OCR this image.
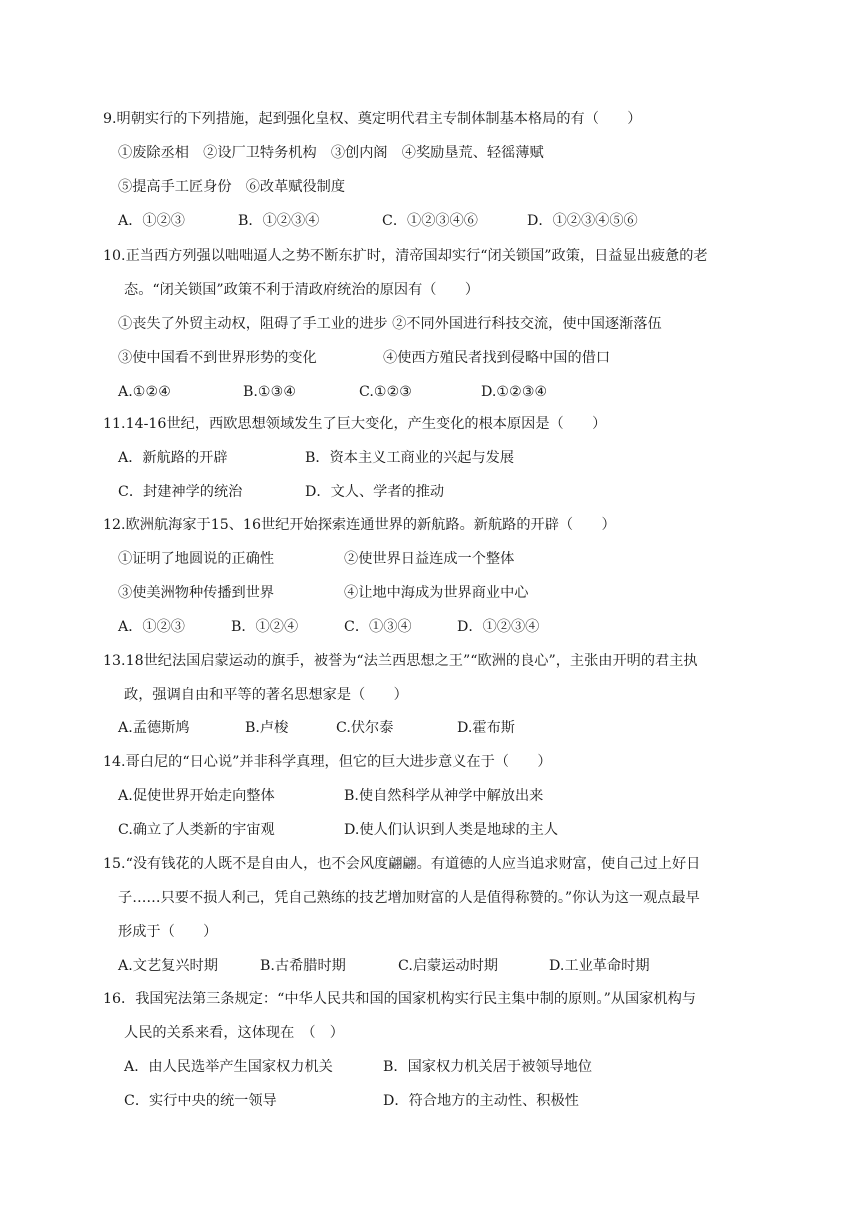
9.明朝实行的下列措施，起到强化皇权、奠定明代君主专制体制基本格局的有（　　）
①废除丞相　②设厂卫特务机构　③创内阁　④奖励垦荒、轻徭薄赋
⑤提高手工匠身份　⑥改革赋役制度
A．①②③	B．①②③④	C．①②③④⑥	D．①②③④⑤⑥
10.正当西方列强以咄咄逼人之势不断东扩时，清帝国却实行“闭关锁国”政策，日益显出疲惫的老
态。“闭关锁国”政策不利于清政府统治的原因有（　　）
①丧失了外贸主动权，阻碍了手工业的进步 ②不同外国进行科技交流，使中国逐渐落伍
③使中国看不到世界形势的变化	④使西方殖民者找到侵略中国的借口
A.①②④	B.①③④	C.①②③	D.①②③④
11.14-16世纪，西欧思想领域发生了巨大变化，产生变化的根本原因是（　　）
A．新航路的开辟	B．资本主义工商业的兴起与发展
C．封建神学的统治	D．文人、学者的推动
12.欧洲航海家于15、16世纪开始探索连通世界的新航路。新航路的开辟（　　）
①证明了地圆说的正确性	②使世界日益连成一个整体
③使美洲物种传播到世界	④让地中海成为世界商业中心
A．①②③	B．①②④	C．①③④	D．①②③④
13.18世纪法国启蒙运动的旗手，被誉为“法兰西思想之王”“欧洲的良心”，主张由开明的君主执
政，强调自由和平等的著名思想家是（　　）
A.孟德斯鸠	B.卢梭	C.伏尔泰	D.霍布斯
14.哥白尼的“日心说”并非科学真理，但它的巨大进步意义在于（　　）
A.促使世界开始走向整体	B.使自然科学从神学中解放出来
C.确立了人类新的宇宙观	D.使人们认识到人类是地球的主人
15.“没有钱花的人既不是自由人，也不会风度翩翩。有道德的人应当追求财富，使自己过上好日
子……只要不损人利己，凭自己熟练的技艺增加财富的人是值得称赞的。”你认为这一观点最早
形成于（　　）
A.文艺复兴时期	B.古希腊时期	C.启蒙运动时期	D.工业革命时期
16．我国宪法第三条规定：“中华人民共和国的国家机构实行民主集中制的原则。”从国家机构与
人民的关系来看，这体现在　（　）
A．由人民选举产生国家权力机关	B．国家权力机关居于被领导地位
C．实行中央的统一领导	D．符合地方的主动性、积极性
